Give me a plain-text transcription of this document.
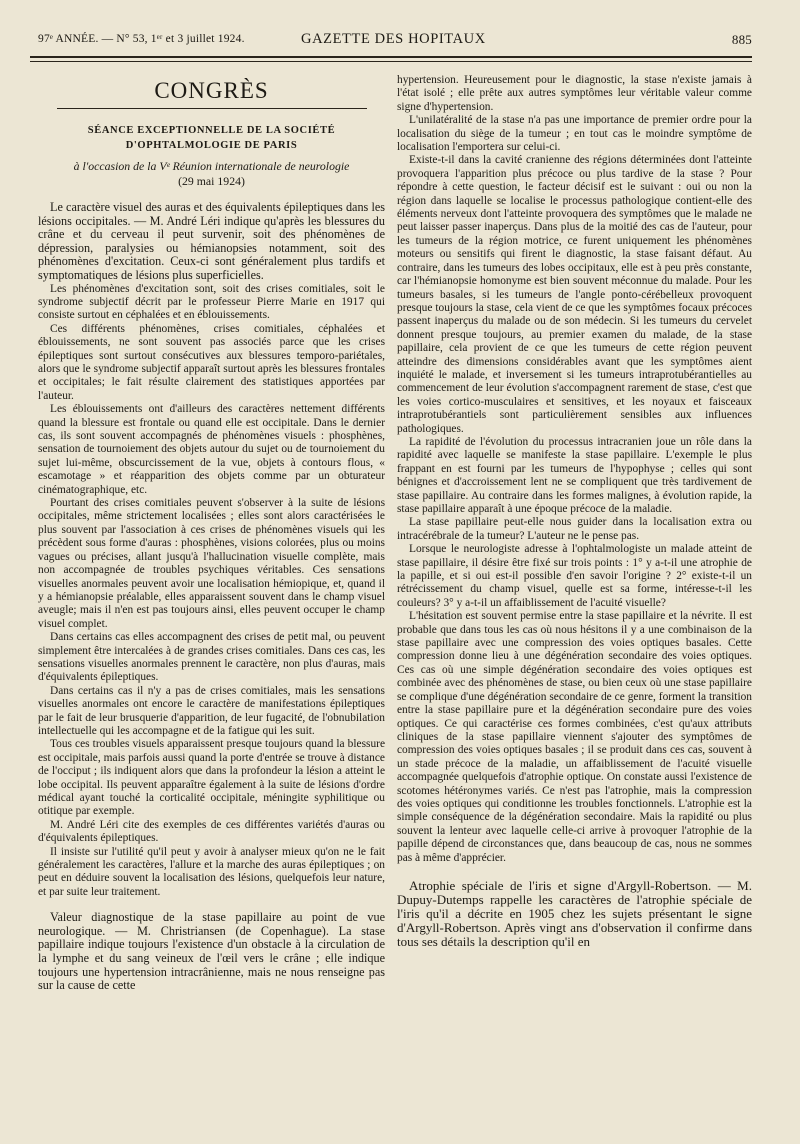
97ᵉ ANNÉE. — N° 53, 1ᵉʳ et 3 juillet 1924.	GAZETTE DES HOPITAUX	885
CONGRÈS
SÉANCE EXCEPTIONNELLE DE LA SOCIÉTÉ D'OPHTALMOLOGIE DE PARIS
à l'occasion de la Vᵉ Réunion internationale de neurologie
(29 mai 1924)

Le caractère visuel des auras et des équivalents épileptiques dans les lésions occipitales. — M. André Léri indique qu'après les blessures du crâne et du cerveau il peut survenir, soit des phénomènes de dépression, paralysies ou hémianopsies notamment, soit des phénomènes d'excitation. Ceux-ci sont généralement plus tardifs et symptomatiques de lésions plus superficielles.

Les phénomènes d'excitation sont, soit des crises comitiales, soit le syndrome subjectif décrit par le professeur Pierre Marie en 1917 qui consiste surtout en céphalées et en éblouissements.

Ces différents phénomènes, crises comitiales, céphalées et éblouissements, ne sont souvent pas associés parce que les crises épileptiques sont surtout consécutives aux blessures temporo-pariétales, alors que le syndrome subjectif apparaît surtout après les blessures frontales et occipitales; le fait résulte clairement des statistiques apportées par l'auteur.

Les éblouissements ont d'ailleurs des caractères nettement différents quand la blessure est frontale ou quand elle est occipitale. Dans le dernier cas, ils sont souvent accompagnés de phénomènes visuels : phosphènes, sensation de tournoiement des objets autour du sujet ou de tournoiement du sujet lui-même, obscurcissement de la vue, objets à contours flous, « escamotage » et réapparition des objets comme par un obturateur cinématographique, etc.

Pourtant des crises comitiales peuvent s'observer à la suite de lésions occipitales, même strictement localisées ; elles sont alors caractérisées le plus souvent par l'association à ces crises de phénomènes visuels qui les précèdent sous forme d'auras : phosphènes, visions colorées, plus ou moins vagues ou précises, allant jusqu'à l'hallucination visuelle complète, mais non accompagnée de troubles psychiques véritables. Ces sensations visuelles anormales peuvent avoir une localisation hémiopique, et, quand il y a hémianopsie préalable, elles apparaissent souvent dans le champ visuel aveugle; mais il n'en est pas toujours ainsi, elles peuvent occuper le champ visuel complet.

Dans certains cas elles accompagnent des crises de petit mal, ou peuvent simplement être intercalées à de grandes crises comitiales. Dans ces cas, les sensations visuelles anormales prennent le caractère, non plus d'auras, mais d'équivalents épileptiques.

Dans certains cas il n'y a pas de crises comitiales, mais les sensations visuelles anormales ont encore le caractère de manifestations épileptiques par le fait de leur brusquerie d'apparition, de leur fugacité, de l'obnubilation intellectuelle qui les accompagne et de la fatigue qui les suit.

Tous ces troubles visuels apparaissent presque toujours quand la blessure est occipitale, mais parfois aussi quand la porte d'entrée se trouve à distance de l'occiput ; ils indiquent alors que dans la profondeur la lésion a atteint le lobe occipital. Ils peuvent apparaître également à la suite de lésions d'ordre médical ayant touché la corticalité occipitale, méningite syphilitique ou otitique par exemple.

M. André Léri cite des exemples de ces différentes variétés d'auras ou d'équivalents épileptiques.

Il insiste sur l'utilité qu'il peut y avoir à analyser mieux qu'on ne le fait généralement les caractères, l'allure et la marche des auras épileptiques ; on peut en déduire souvent la localisation des lésions, quelquefois leur nature, et par suite leur traitement.

Valeur diagnostique de la stase papillaire au point de vue neurologique. — M. Christriansen (de Copenhague). La stase papillaire indique toujours l'existence d'un obstacle à la circulation de la lymphe et du sang veineux de l'œil vers le crâne ; elle indique toujours une hypertension intracrânienne, mais ne nous renseigne pas sur la cause de cette

hypertension. Heureusement pour le diagnostic, la stase n'existe jamais à l'état isolé ; elle prête aux autres symptômes leur véritable valeur comme signe d'hypertension.

L'unilatéralité de la stase n'a pas une importance de premier ordre pour la localisation du siège de la tumeur ; en tout cas le moindre symptôme de localisation l'emportera sur celui-ci.

Existe-t-il dans la cavité cranienne des régions déterminées dont l'atteinte provoquera l'apparition plus précoce ou plus tardive de la stase ? Pour répondre à cette question, le facteur décisif est le suivant : oui ou non la région dans laquelle se localise le processus pathologique contient-elle des éléments nerveux dont l'atteinte provoquera des symptômes que le malade ne peut laisser passer inaperçus. Dans plus de la moitié des cas de l'auteur, pour les tumeurs de la région motrice, ce furent uniquement les phénomènes moteurs ou sensitifs qui firent le diagnostic, la stase faisant défaut. Au contraire, dans les tumeurs des lobes occipitaux, elle est à peu près constante, car l'hémianopsie homonyme est bien souvent méconnue du malade. Pour les tumeurs basales, si les tumeurs de l'angle ponto-cérébelleux provoquent presque toujours la stase, cela vient de ce que les symptômes focaux précoces passent inaperçus du malade ou de son médecin. Si les tumeurs du cervelet donnent presque toujours, au premier examen du malade, de la stase papillaire, cela provient de ce que les tumeurs de cette région peuvent atteindre des dimensions considérables avant que les symptômes aient inquiété le malade, et inversement si les tumeurs intraprotubérantielles au commencement de leur évolution s'accompagnent rarement de stase, c'est que les voies cortico-musculaires et sensitives, et les noyaux et faisceaux intraprotubérantiels sont particulièrement sensibles aux influences pathologiques.

La rapidité de l'évolution du processus intracranien joue un rôle dans la rapidité avec laquelle se manifeste la stase papillaire. L'exemple le plus frappant en est fourni par les tumeurs de l'hypophyse ; celles qui sont bénignes et d'accroissement lent ne se compliquent que très tardivement de stase papillaire. Au contraire dans les formes malignes, à évolution rapide, la stase papillaire apparaît à une époque précoce de la maladie.

La stase papillaire peut-elle nous guider dans la localisation extra ou intracérébrale de la tumeur? L'auteur ne le pense pas.

Lorsque le neurologiste adresse à l'ophtalmologiste un malade atteint de stase papillaire, il désire être fixé sur trois points : 1° y a-t-il une atrophie de la papille, et si oui est-il possible d'en savoir l'origine ? 2° existe-t-il un rétrécissement du champ visuel, quelle est sa forme, intéresse-t-il les couleurs? 3° y a-t-il un affaiblissement de l'acuité visuelle?

L'hésitation est souvent permise entre la stase papillaire et la névrite. Il est probable que dans tous les cas où nous hésitons il y a une combinaison de la stase papillaire avec une compression des voies optiques basales. Cette compression donne lieu à une dégénération secondaire des voies optiques. Ces cas où une simple dégénération secondaire des voies optiques est combinée avec des phénomènes de stase, ou bien ceux où une stase papillaire se complique d'une dégénération secondaire de ce genre, forment la transition entre la stase papillaire pure et la dégénération secondaire pure des voies optiques. Ce qui caractérise ces formes combinées, c'est qu'aux attributs cliniques de la stase papillaire viennent s'ajouter des symptômes de compression des voies optiques basales ; il se produit dans ces cas, souvent à un stade précoce de la maladie, un affaiblissement de l'acuité visuelle accompagnée quelquefois d'atrophie optique. On constate aussi l'existence de scotomes hétéronymes variés. Ce n'est pas l'atrophie, mais la compression des voies optiques qui conditionne les troubles fonctionnels. L'atrophie est la simple conséquence de la dégénération secondaire. Mais la rapidité ou plus souvent la lenteur avec laquelle celle-ci arrive à provoquer l'atrophie de la papille dépend de circonstances que, dans beaucoup de cas, nous ne sommes pas à même d'apprécier.

Atrophie spéciale de l'iris et signe d'Argyll-Robertson. — M. Dupuy-Dutemps rappelle les caractères de l'atrophie spéciale de l'iris qu'il a décrite en 1905 chez les sujets présentant le signe d'Argyll-Robertson. Après vingt ans d'observation il confirme dans tous ses détails la description qu'il en
